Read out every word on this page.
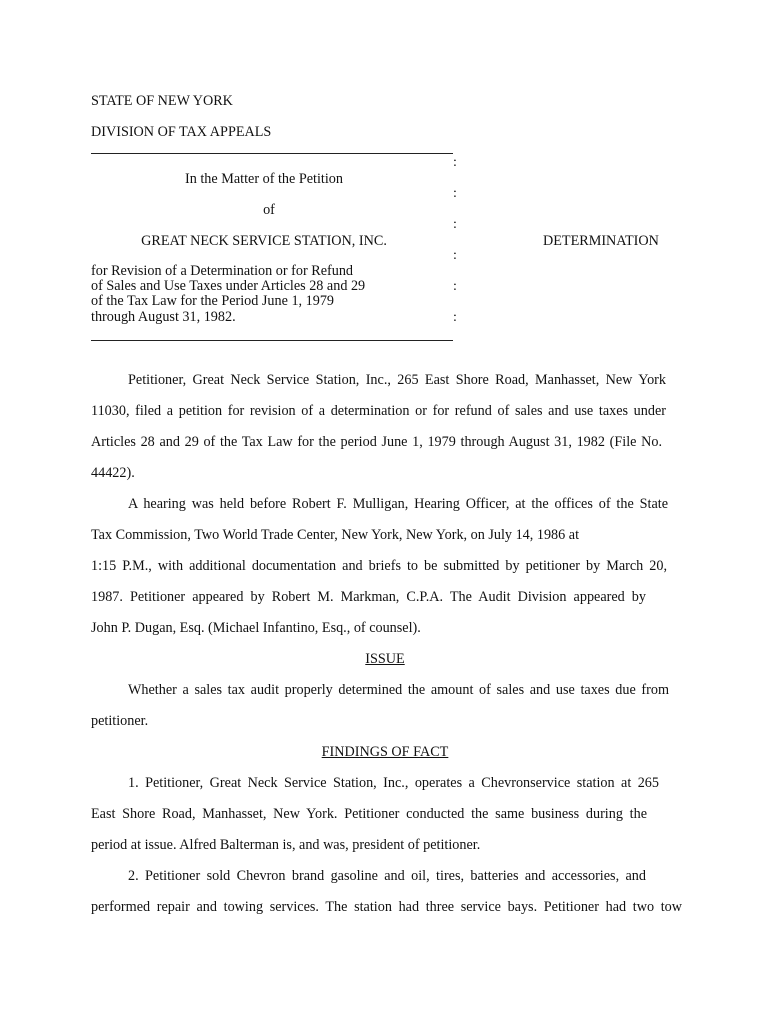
STATE OF NEW YORK
DIVISION OF TAX APPEALS
:
In the Matter of the Petition
:
of
:
GREAT NECK SERVICE STATION, INC.	DETERMINATION
:
for Revision of a Determination or for Refund
of Sales and Use Taxes under Articles 28 and 29	:
of the Tax Law for the Period June 1, 1979
through August 31, 1982.	:
Petitioner, Great Neck Service Station, Inc., 265 East Shore Road, Manhasset, New York
11030, filed a petition for revision of a determination or for refund of sales and use taxes under
Articles 28 and 29 of the Tax Law for the period June 1, 1979 through August 31, 1982 (File No.
44422).
A hearing was held before Robert F. Mulligan, Hearing Officer, at the offices of the State
Tax Commission, Two World Trade Center, New York, New York, on July 14, 1986 at
1:15 P.M., with additional documentation and briefs to be submitted by petitioner by March 20,
1987. Petitioner appeared by Robert M. Markman, C.P.A. The Audit Division appeared by
John P. Dugan, Esq. (Michael Infantino, Esq., of counsel).
ISSUE
Whether a sales tax audit properly determined the amount of sales and use taxes due from
petitioner.
FINDINGS OF FACT
1. Petitioner, Great Neck Service Station, Inc., operates a Chevronservice station at 265
East Shore Road, Manhasset, New York. Petitioner conducted the same business during the
period at issue. Alfred Balterman is, and was, president of petitioner.
2. Petitioner sold Chevron brand gasoline and oil, tires, batteries and accessories, and
performed repair and towing services. The station had three service bays. Petitioner had two tow
